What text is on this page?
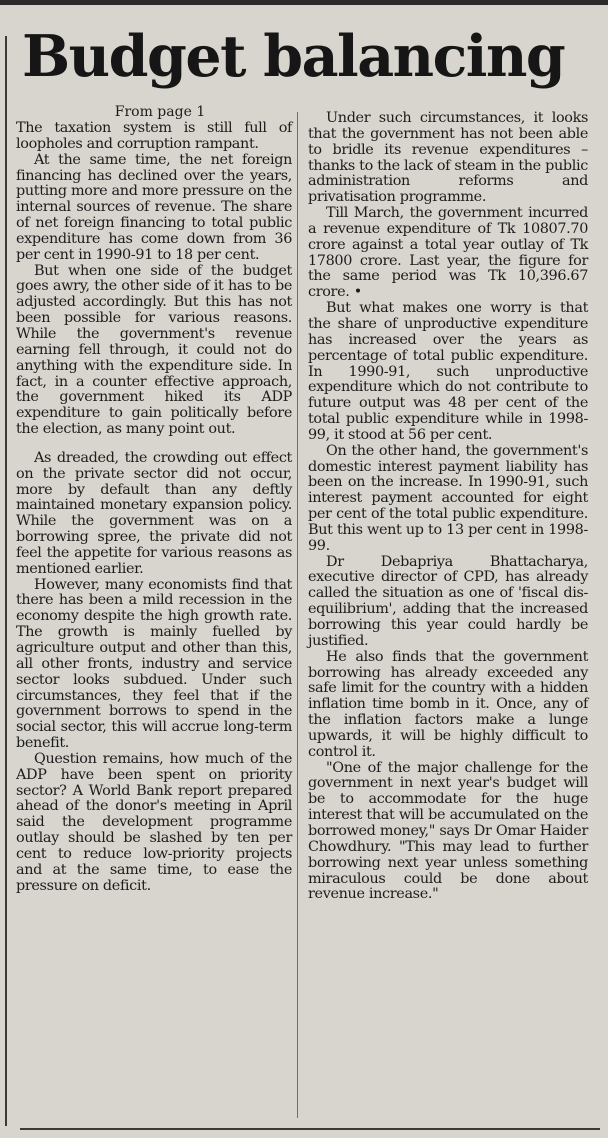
Budget balancing

From page 1

The taxation system is still full of loopholes and corruption rampant.

At the same time, the net foreign financing has declined over the years, putting more and more pressure on the internal sources of revenue. The share of net foreign financing to total public expenditure has come down from 36 per cent in 1990-91 to 18 per cent.

But when one side of the budget goes awry, the other side of it has to be adjusted accordingly. But this has not been possible for various reasons. While the government's revenue earning fell through, it could not do anything with the expenditure side. In fact, in a counter effective approach, the government hiked its ADP expenditure to gain politically before the election, as many point out.

As dreaded, the crowding out effect on the private sector did not occur, more by default than any deftly maintained monetary expansion policy. While the government was on a borrowing spree, the private did not feel the appetite for various reasons as mentioned earlier.

However, many economists find that there has been a mild recession in the economy despite the high growth rate. The growth is mainly fuelled by agriculture output and other than this, all other fronts, industry and service sector looks subdued. Under such circumstances, they feel that if the government borrows to spend in the social sector, this will accrue long-term benefit.

Question remains, how much of the ADP have been spent on priority sector? A World Bank report prepared ahead of the donor's meeting in April said the development programme outlay should be slashed by ten per cent to reduce low-priority projects and at the same time, to ease the pressure on deficit.

Under such circumstances, it looks that the government has not been able to bridle its revenue expenditures – thanks to the lack of steam in the public administration reforms and privatisation programme.

Till March, the government incurred a revenue expenditure of Tk 10807.70 crore against a total year outlay of Tk 17800 crore. Last year, the figure for the same period was Tk 10,396.67 crore. •

But what makes one worry is that the share of unproductive expenditure has increased over the years as percentage of total public expenditure. In 1990-91, such unproductive expenditure which do not contribute to future output was 48 per cent of the total public expenditure while in 1998-99, it stood at 56 per cent.

On the other hand, the government's domestic interest payment liability has been on the increase. In 1990-91, such interest payment accounted for eight per cent of the total public expenditure. But this went up to 13 per cent in 1998-99.

Dr Debapriya Bhattacharya, executive director of CPD, has already called the situation as one of 'fiscal dis-equilibrium', adding that the increased borrowing this year could hardly be justified.

He also finds that the government borrowing has already exceeded any safe limit for the country with a hidden inflation time bomb in it. Once, any of the inflation factors make a lunge upwards, it will be highly difficult to control it.

"One of the major challenge for the government in next year's budget will be to accommodate for the huge interest that will be accumulated on the borrowed money," says Dr Omar Haider Chowdhury. "This may lead to further borrowing next year unless something miraculous could be done about revenue increase."
